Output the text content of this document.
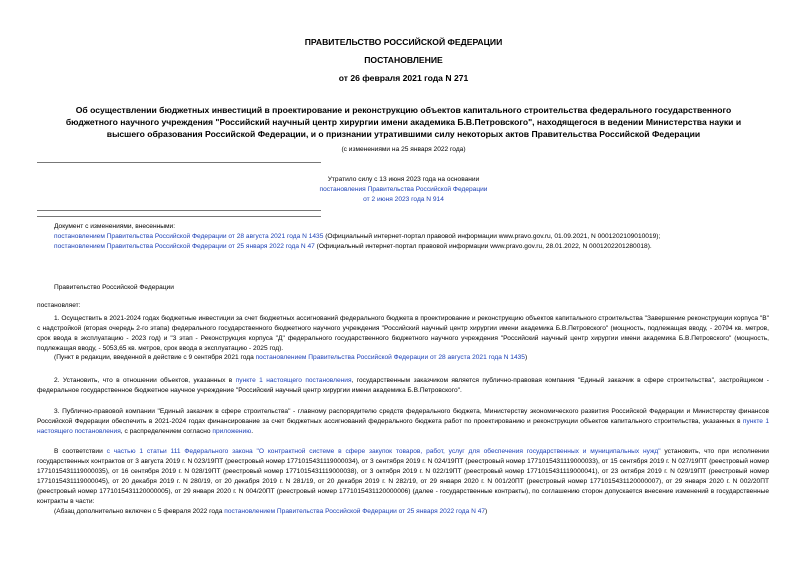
ПРАВИТЕЛЬСТВО РОССИЙСКОЙ ФЕДЕРАЦИИ
ПОСТАНОВЛЕНИЕ
от 26 февраля 2021 года N 271
Об осуществлении бюджетных инвестиций в проектирование и реконструкцию объектов капитального строительства федерального государственного
бюджетного научного учреждения "Российский научный центр хирургии имени академика Б.В.Петровского", находящегося в ведении Министерства науки и
высшего образования Российской Федерации, и о признании утратившими силу некоторых актов Правительства Российской Федерации
(с изменениями на 25 января 2022 года)
Утратило силу с 13 июня 2023 года на основании
постановления Правительства Российской Федерации
от 2 июня 2023 года N 914
Документ с изменениями, внесенными:
постановлением Правительства Российской Федерации от 28 августа 2021 года N 1435 (Официальный интернет-портал правовой информации www.pravo.gov.ru, 01.09.2021, N 0001202109010019);
постановлением Правительства Российской Федерации от 25 января 2022 года N 47 (Официальный интернет-портал правовой информации www.pravo.gov.ru, 28.01.2022, N 0001202201280018).
Правительство Российской Федерации
постановляет:
1. Осуществить в 2021-2024 годах бюджетные инвестиции за счет бюджетных ассигнований федерального бюджета в проектирование и реконструкцию объектов капитального строительства "Завершение реконструкции корпуса "В" с надстройкой (вторая очередь 2-го этапа) федерального государственного бюджетного научного учреждения "Российский научный центр хирургии имени академика Б.В.Петровского" (мощность, подлежащая вводу, - 20794 кв. метров, срок ввода в эксплуатацию - 2023 год) и "3 этап - Реконструкция корпуса "Д" федерального государственного бюджетного научного учреждения "Российский научный центр хирургии имени академика Б.В.Петровского" (мощность, подлежащая вводу, - 5053,65 кв. метров, срок ввода в эксплуатацию - 2025 год).
(Пункт в редакции, введенной в действие с 9 сентября 2021 года постановлением Правительства Российской Федерации от 28 августа 2021 года N 1435)
2. Установить, что в отношении объектов, указанных в пункте 1 настоящего постановления, государственным заказчиком является публично-правовая компания "Единый заказчик в сфере строительства", застройщиком - федеральное государственное бюджетное научное учреждение "Российский научный центр хирургии имени академика Б.В.Петровского".
3. Публично-правовой компании "Единый заказчик в сфере строительства" - главному распорядителю средств федерального бюджета, Министерству экономического развития Российской Федерации и Министерству финансов Российской Федерации обеспечить в 2021-2024 годах финансирование за счет бюджетных ассигнований федерального бюджета работ по проектированию и реконструкции объектов капитального строительства, указанных в пункте 1 настоящего постановления, с распределением согласно приложению.
В соответствии с частью 1 статьи 111 Федерального закона "О контрактной системе в сфере закупок товаров, работ, услуг для обеспечения государственных и муниципальных нужд" установить, что при исполнении государственных контрактов от 3 августа 2019 г. N 023/19ПТ (реестровый номер 1771015431119000034), от 3 сентября 2019 г. N 024/19ПТ (реестровый номер 1771015431119000033), от 15 сентября 2019 г. N 027/19ПТ (реестровый номер 1771015431119000035), от 16 сентября 2019 г. N 028/19ПТ (реестровый номер 1771015431119000038), от 3 октября 2019 г. N 022/19ПТ (реестровый номер 1771015431119000041), от 23 октября 2019 г. N 029/19ПТ (реестровый номер 1771015431119000045), от 20 декабря 2019 г. N 280/19, от 20 декабря 2019 г. N 281/19, от 20 декабря 2019 г. N 282/19, от 29 января 2020 г. N 001/20ПТ (реестровый номер 1771015431120000007), от 29 января 2020 г. N 002/20ПТ (реестровый номер 1771015431120000005), от 29 января 2020 г. N 004/20ПТ (реестровый номер 1771015431120000006) (далее - государственные контракты), по соглашению сторон допускается внесение изменений в государственные контракты в части:
(Абзац дополнительно включен с 5 февраля 2022 года постановлением Правительства Российской Федерации от 25 января 2022 года N 47)
